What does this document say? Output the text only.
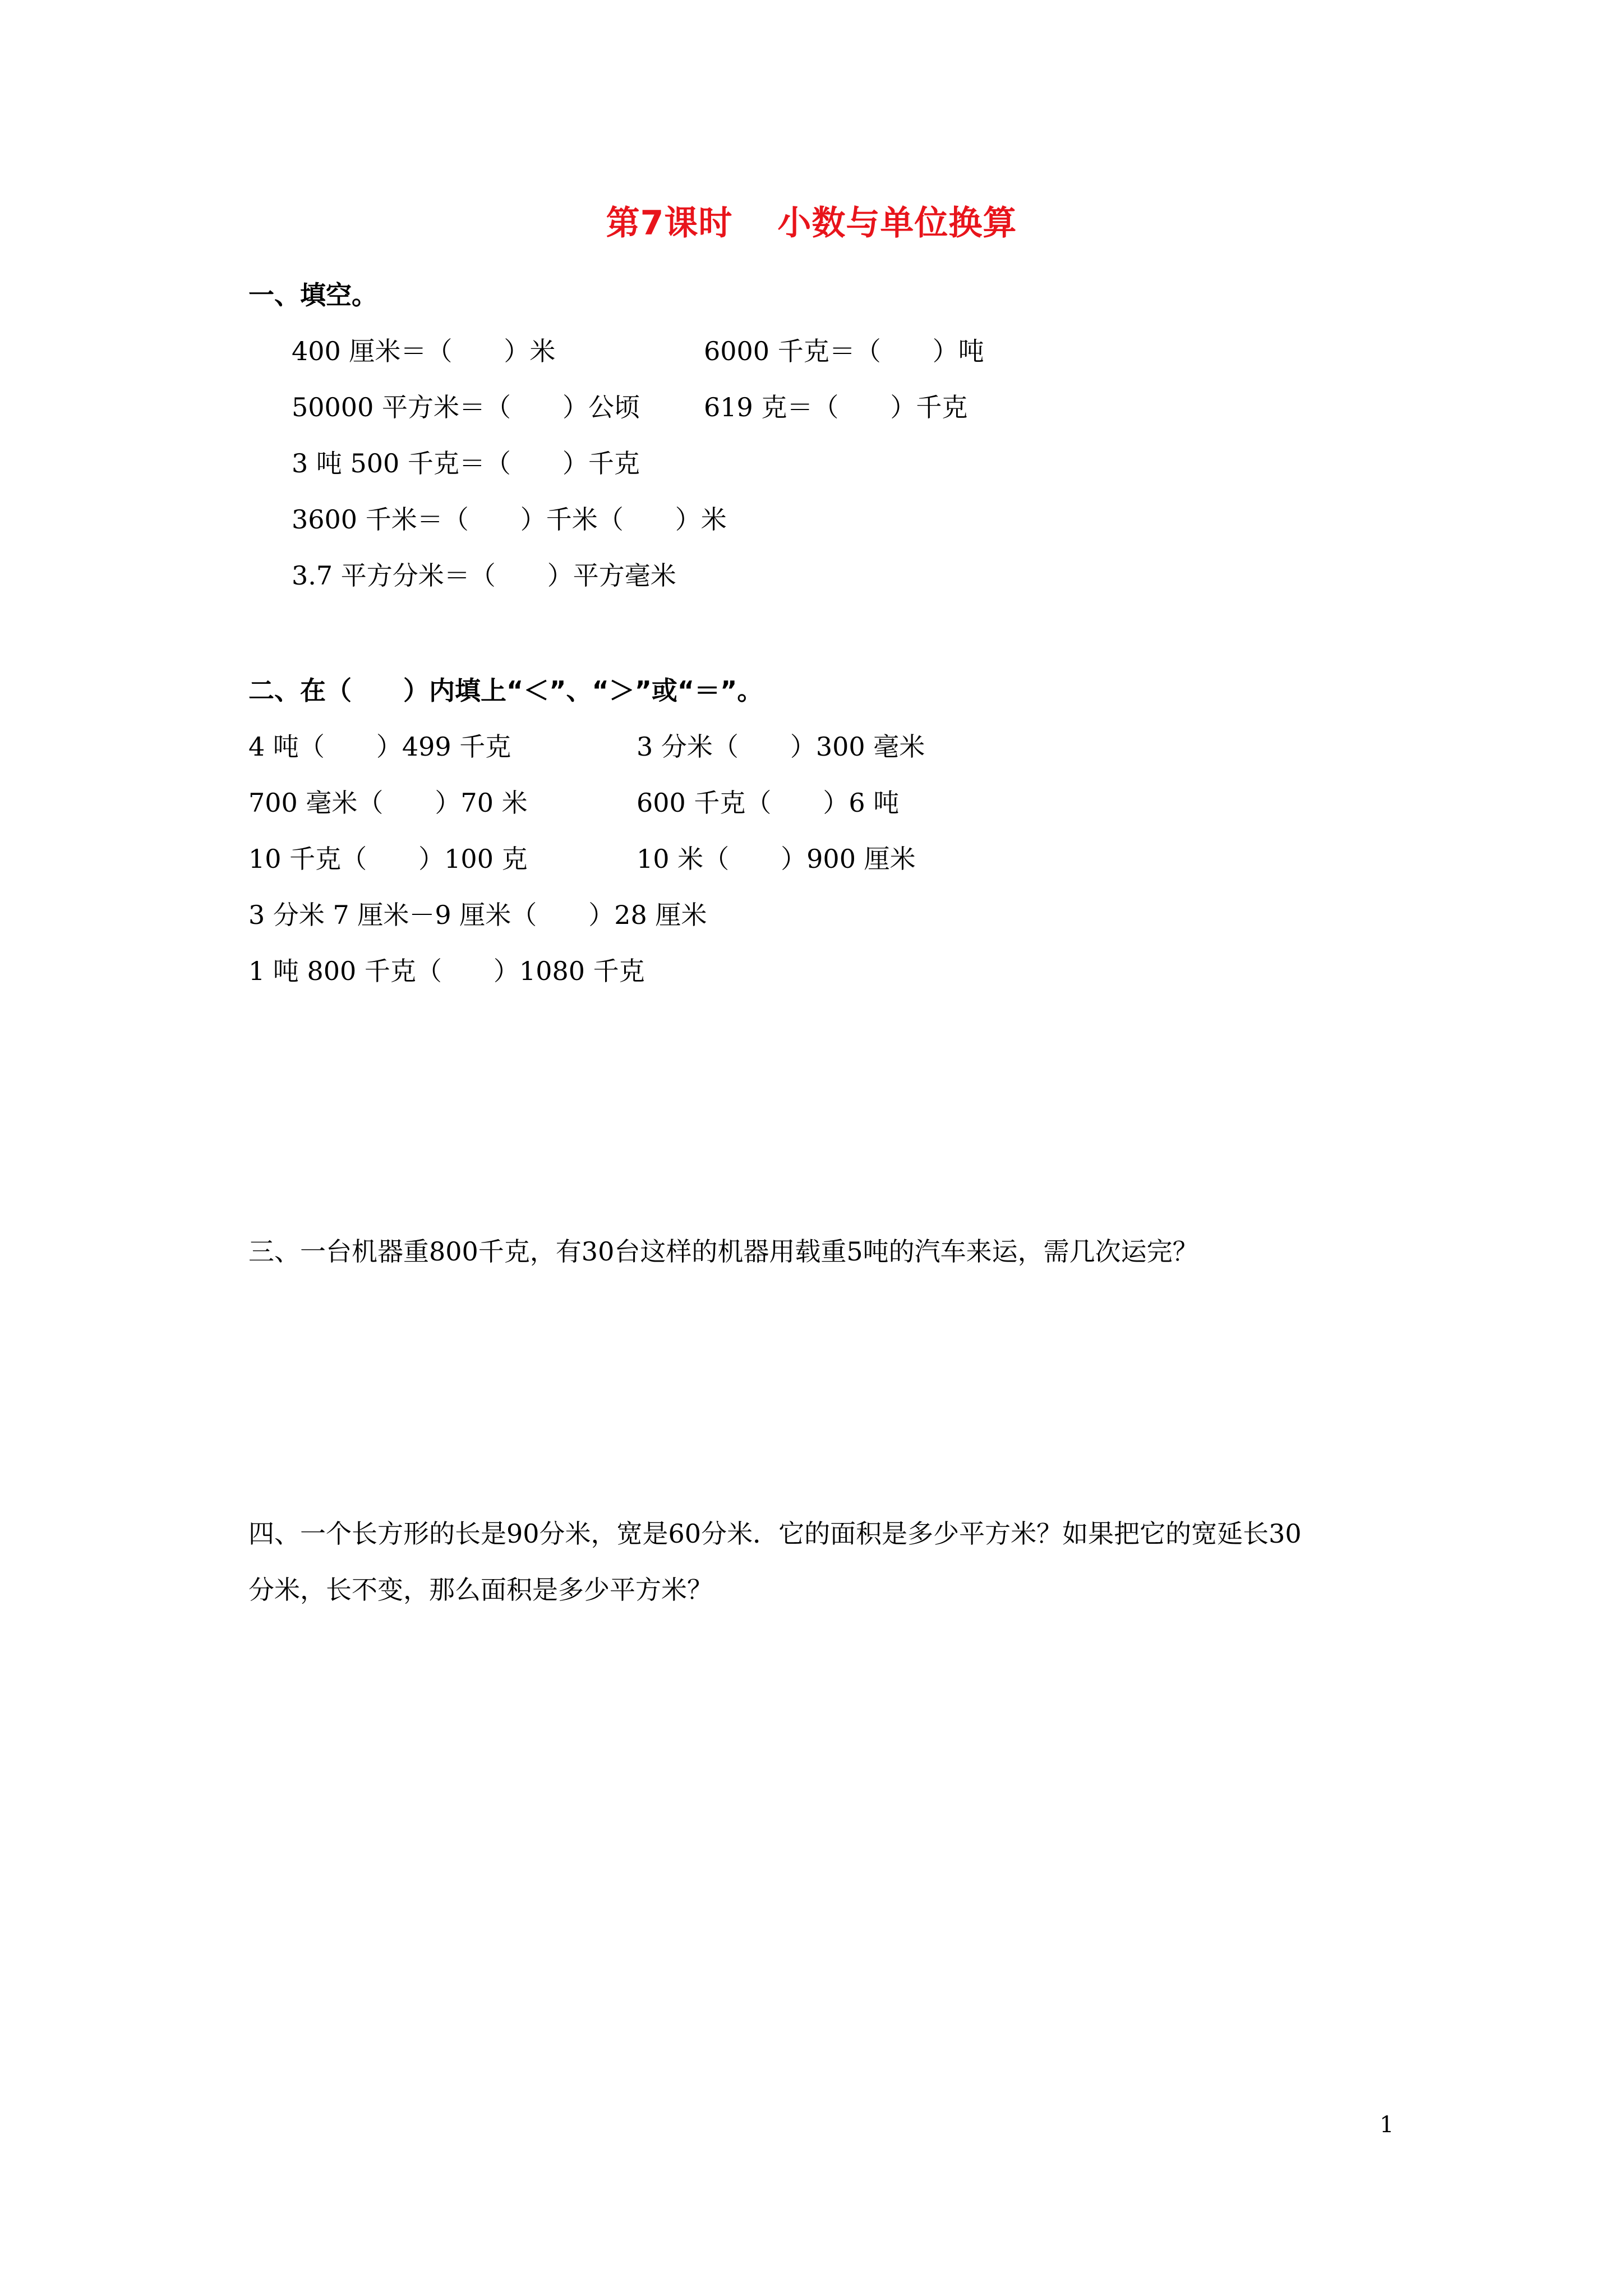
第7课时 小数与单位换算
一、填空。
400 厘米＝（　　）米	6000 千克＝（　　）吨
50000 平方米＝（　　）公顷 619 克＝（　　）千克
3 吨 500 千克＝（　　）千克
3600 千米＝（　　）千米（　　）米
3.7 平方分米＝（　　）平方毫米
二、在（　　）内填上“＜”、“＞”或“＝”。
4 吨（　　）499 千克	3 分米（　　）300 毫米
700 毫米（　　）70 米	600 千克（　　）6 吨
10 千克（　　）100 克	10 米（　　）900 厘米
3 分米 7 厘米－9 厘米（　　）28 厘米
1 吨 800 千克（　　）1080 千克
三、一台机器重800千克，有30台这样的机器用载重5吨的汽车来运，需几次运完？
四、一个长方形的长是90分米，宽是60分米．它的面积是多少平方米？如果把它的宽延长30
分米，长不变，那么面积是多少平方米？
1
